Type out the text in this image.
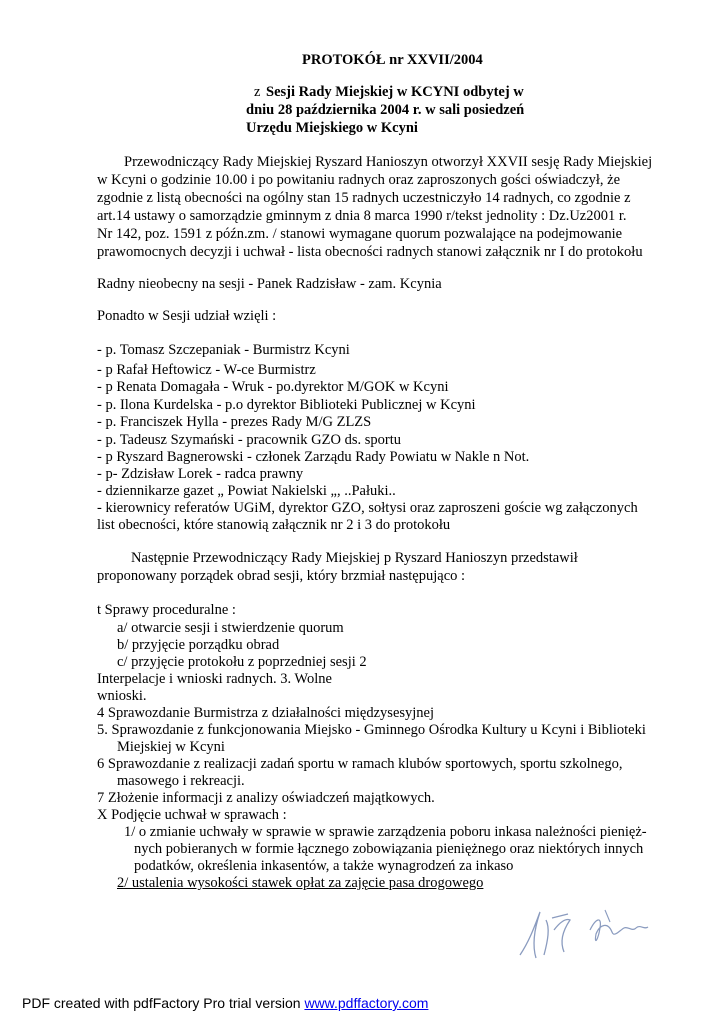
PROTOKÓŁ nr XXVII/2004
z Sesji Rady Miejskiej w KCYNI odbytej w
dniu 28 października 2004 r. w sali posiedzeń
Urzędu Miejskiego w Kcyni
Przewodniczący Rady Miejskiej Ryszard Hanioszyn otworzył XXVII sesję Rady Miejskiej
w Kcyni o godzinie 10.00 i po powitaniu radnych oraz zaproszonych gości oświadczył, że
zgodnie z listą obecności na ogólny stan 15 radnych uczestniczyło 14 radnych, co zgodnie z
art.14 ustawy o samorządzie gminnym z dnia 8 marca 1990 r/tekst jednolity : Dz.Uz2001 r.
Nr 142, poz. 1591 z późn.zm. / stanowi wymagane quorum pozwalające na podejmowanie
prawomocnych decyzji i uchwał - lista obecności radnych stanowi załącznik nr I do protokołu
Radny nieobecny na sesji - Panek Radzisław - zam. Kcynia
Ponadto w Sesji udział wzięli :
- p. Tomasz Szczepaniak - Burmistrz Kcyni
- p Rafał Heftowicz - W-ce Burmistrz
- p Renata Domagała - Wruk - po.dyrektor M/GOK w Kcyni
- p. Ilona Kurdelska - p.o dyrektor Biblioteki Publicznej w Kcyni
- p. Franciszek Hylla - prezes Rady M/G ZLZS
- p. Tadeusz Szymański - pracownik GZO ds. sportu
- p Ryszard Bagnerowski - członek Zarządu Rady Powiatu w Nakle n Not.
- p- Zdzisław Lorek - radca prawny
- dziennikarze gazet „ Powiat Nakielski „, ..Pałuki..
- kierownicy referatów UGiM, dyrektor GZO, sołtysi oraz zaproszeni goście wg załączonych
list obecności, które stanowią załącznik nr 2 i 3 do protokołu
Następnie Przewodniczący Rady Miejskiej p Ryszard Hanioszyn przedstawił
proponowany porządek obrad sesji, który brzmiał następująco :
t Sprawy proceduralne :
a/ otwarcie sesji i stwierdzenie quorum
b/ przyjęcie porządku obrad
c/ przyjęcie protokołu z poprzedniej sesji 2
Interpelacje i wnioski radnych. 3. Wolne
wnioski.
4 Sprawozdanie Burmistrza z działalności międzysesyjnej
5. Sprawozdanie z funkcjonowania Miejsko - Gminnego Ośrodka Kultury u Kcyni i Biblioteki
Miejskiej w Kcyni
6 Sprawozdanie z realizacji zadań sportu w ramach klubów sportowych, sportu szkolnego,
masowego i rekreacji.
7 Złożenie informacji z analizy oświadczeń majątkowych.
X Podjęcie uchwał w sprawach :
1/ o zmianie uchwały w sprawie w sprawie zarządzenia poboru inkasa należności pienięż-
nych pobieranych w formie łącznego zobowiązania pieniężnego oraz niektórych innych
podatków, określenia inkasentów, a także wynagrodzeń za inkaso
2/ ustalenia wysokości stawek opłat za zajęcie pasa drogowego
PDF created with pdfFactory Pro trial version www.pdffactory.com
